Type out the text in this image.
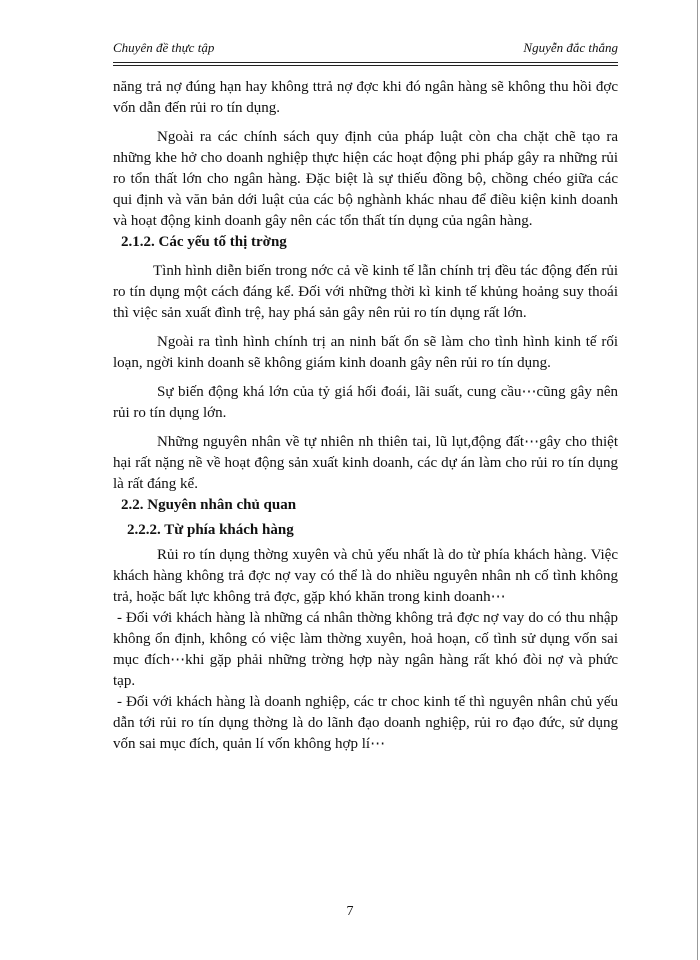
Chuyên đề thực tập	Nguyễn đắc thắng

năng trả nợ đúng hạn hay không ttrả nợ đợc khi đó ngân hàng sẽ không thu hồi đợc vốn dẫn đến rủi ro tín dụng.

Ngoài ra các chính sách quy định của pháp luật còn cha chặt chẽ tạo ra những khe hở cho doanh nghiệp thực hiện các hoạt động phi pháp gây ra những rủi ro tổn thất lớn cho ngân hàng. Đặc biệt là sự thiếu đồng bộ, chồng chéo giữa các qui định và văn bản dới luật của các bộ nghành khác nhau để điều kiện kinh doanh và hoạt động kinh doanh gây nên các tổn thất tín dụng của ngân hàng.

2.1.2. Các yếu tố thị trờng

Tình hình diễn biến trong nớc cả về kinh tế lẫn chính trị đều tác động đến rủi ro tín dụng một cách đáng kể. Đối với những thời kì kinh tế khủng hoảng suy thoái thì việc sản xuất đình trệ, hay phá sản gây nên rủi ro tín dụng rất lớn.

Ngoài ra tình hình chính trị an ninh bất ổn sẽ làm cho tình hình kinh tế rối loạn, ngời kinh doanh sẽ không giám kinh doanh gây nên rủi ro tín dụng.

Sự biến động khá lớn của tỷ giá hối đoái, lãi suất, cung cầu⋯cũng gây nên rủi ro tín dụng lớn.

Những nguyên nhân về tự nhiên nh thiên tai, lũ lụt,động đất⋯gây cho thiệt hại rất nặng nề về hoạt động sản xuất kinh doanh, các dự án làm cho rủi ro tín dụng là rất đáng kể.

2.2. Nguyên nhân chủ quan

2.2.2. Từ phía khách hàng

Rủi ro tín dụng thờng xuyên và chủ yếu nhất là do từ phía khách hàng. Việc khách hàng không trả đợc nợ vay có thể là do nhiều nguyên nhân nh cố tình không trả, hoặc bất lực không trả đợc, gặp khó khăn trong kinh doanh⋯

- Đối với khách hàng là những cá nhân thờng không trả đợc nợ vay do có thu nhập không ổn định, không có việc làm thờng xuyên, hoả hoạn, cố tình sử dụng vốn sai mục đích⋯khi gặp phải những trờng hợp này ngân hàng rất khó đòi nợ và phức tạp.

- Đối với khách hàng là doanh nghiệp, các tr choc kinh tế thì nguyên nhân chủ yếu dẫn tới rủi ro tín dụng thờng là do lãnh đạo doanh nghiệp, rủi ro đạo đức, sử dụng vốn sai mục đích, quản lí vốn không hợp lí⋯

7
